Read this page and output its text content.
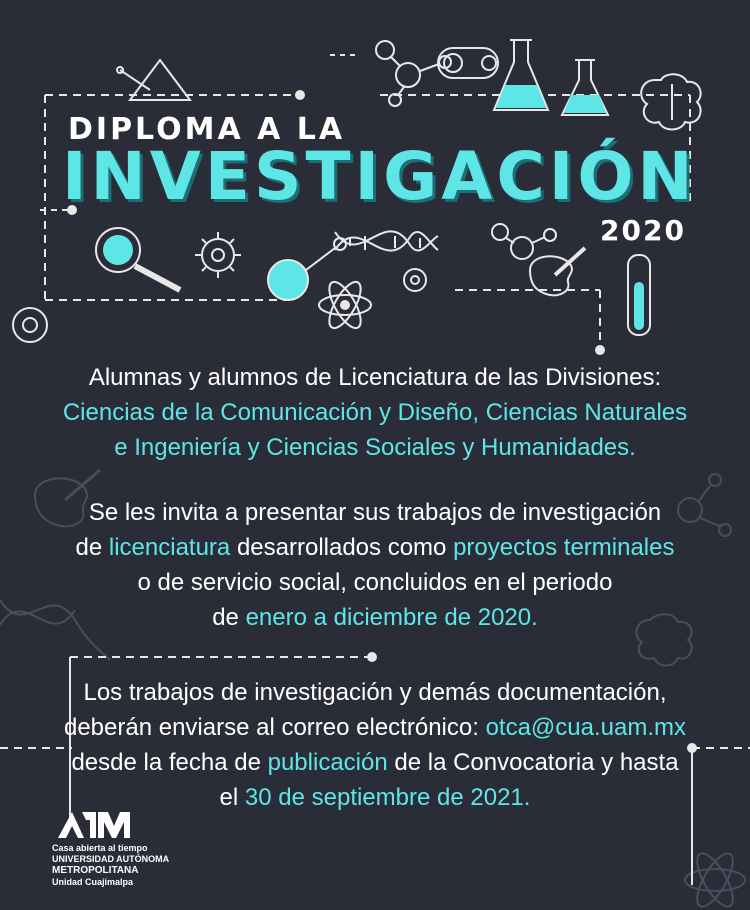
DIPLOMA A LA
INVESTIGACIÓN
2020

Alumnas y alumnos de Licenciatura de las Divisiones:

Ciencias de la Comunicación y Diseño, Ciencias Naturales

e Ingeniería y Ciencias Sociales y Humanidades.

Se les invita a presentar sus trabajos de investigación

de licenciatura desarrollados como proyectos terminales

o de servicio social, concluidos en el periodo

de enero a diciembre de 2020.

Los trabajos de investigación y demás documentación,

deberán enviarse al correo electrónico: otca@cua.uam.mx

desde la fecha de publicación de la Convocatoria y hasta

el 30 de septiembre de 2021.

Casa abierta al tiempo
UNIVERSIDAD AUTÓNOMA
METROPOLITANA
Unidad Cuajimalpa
